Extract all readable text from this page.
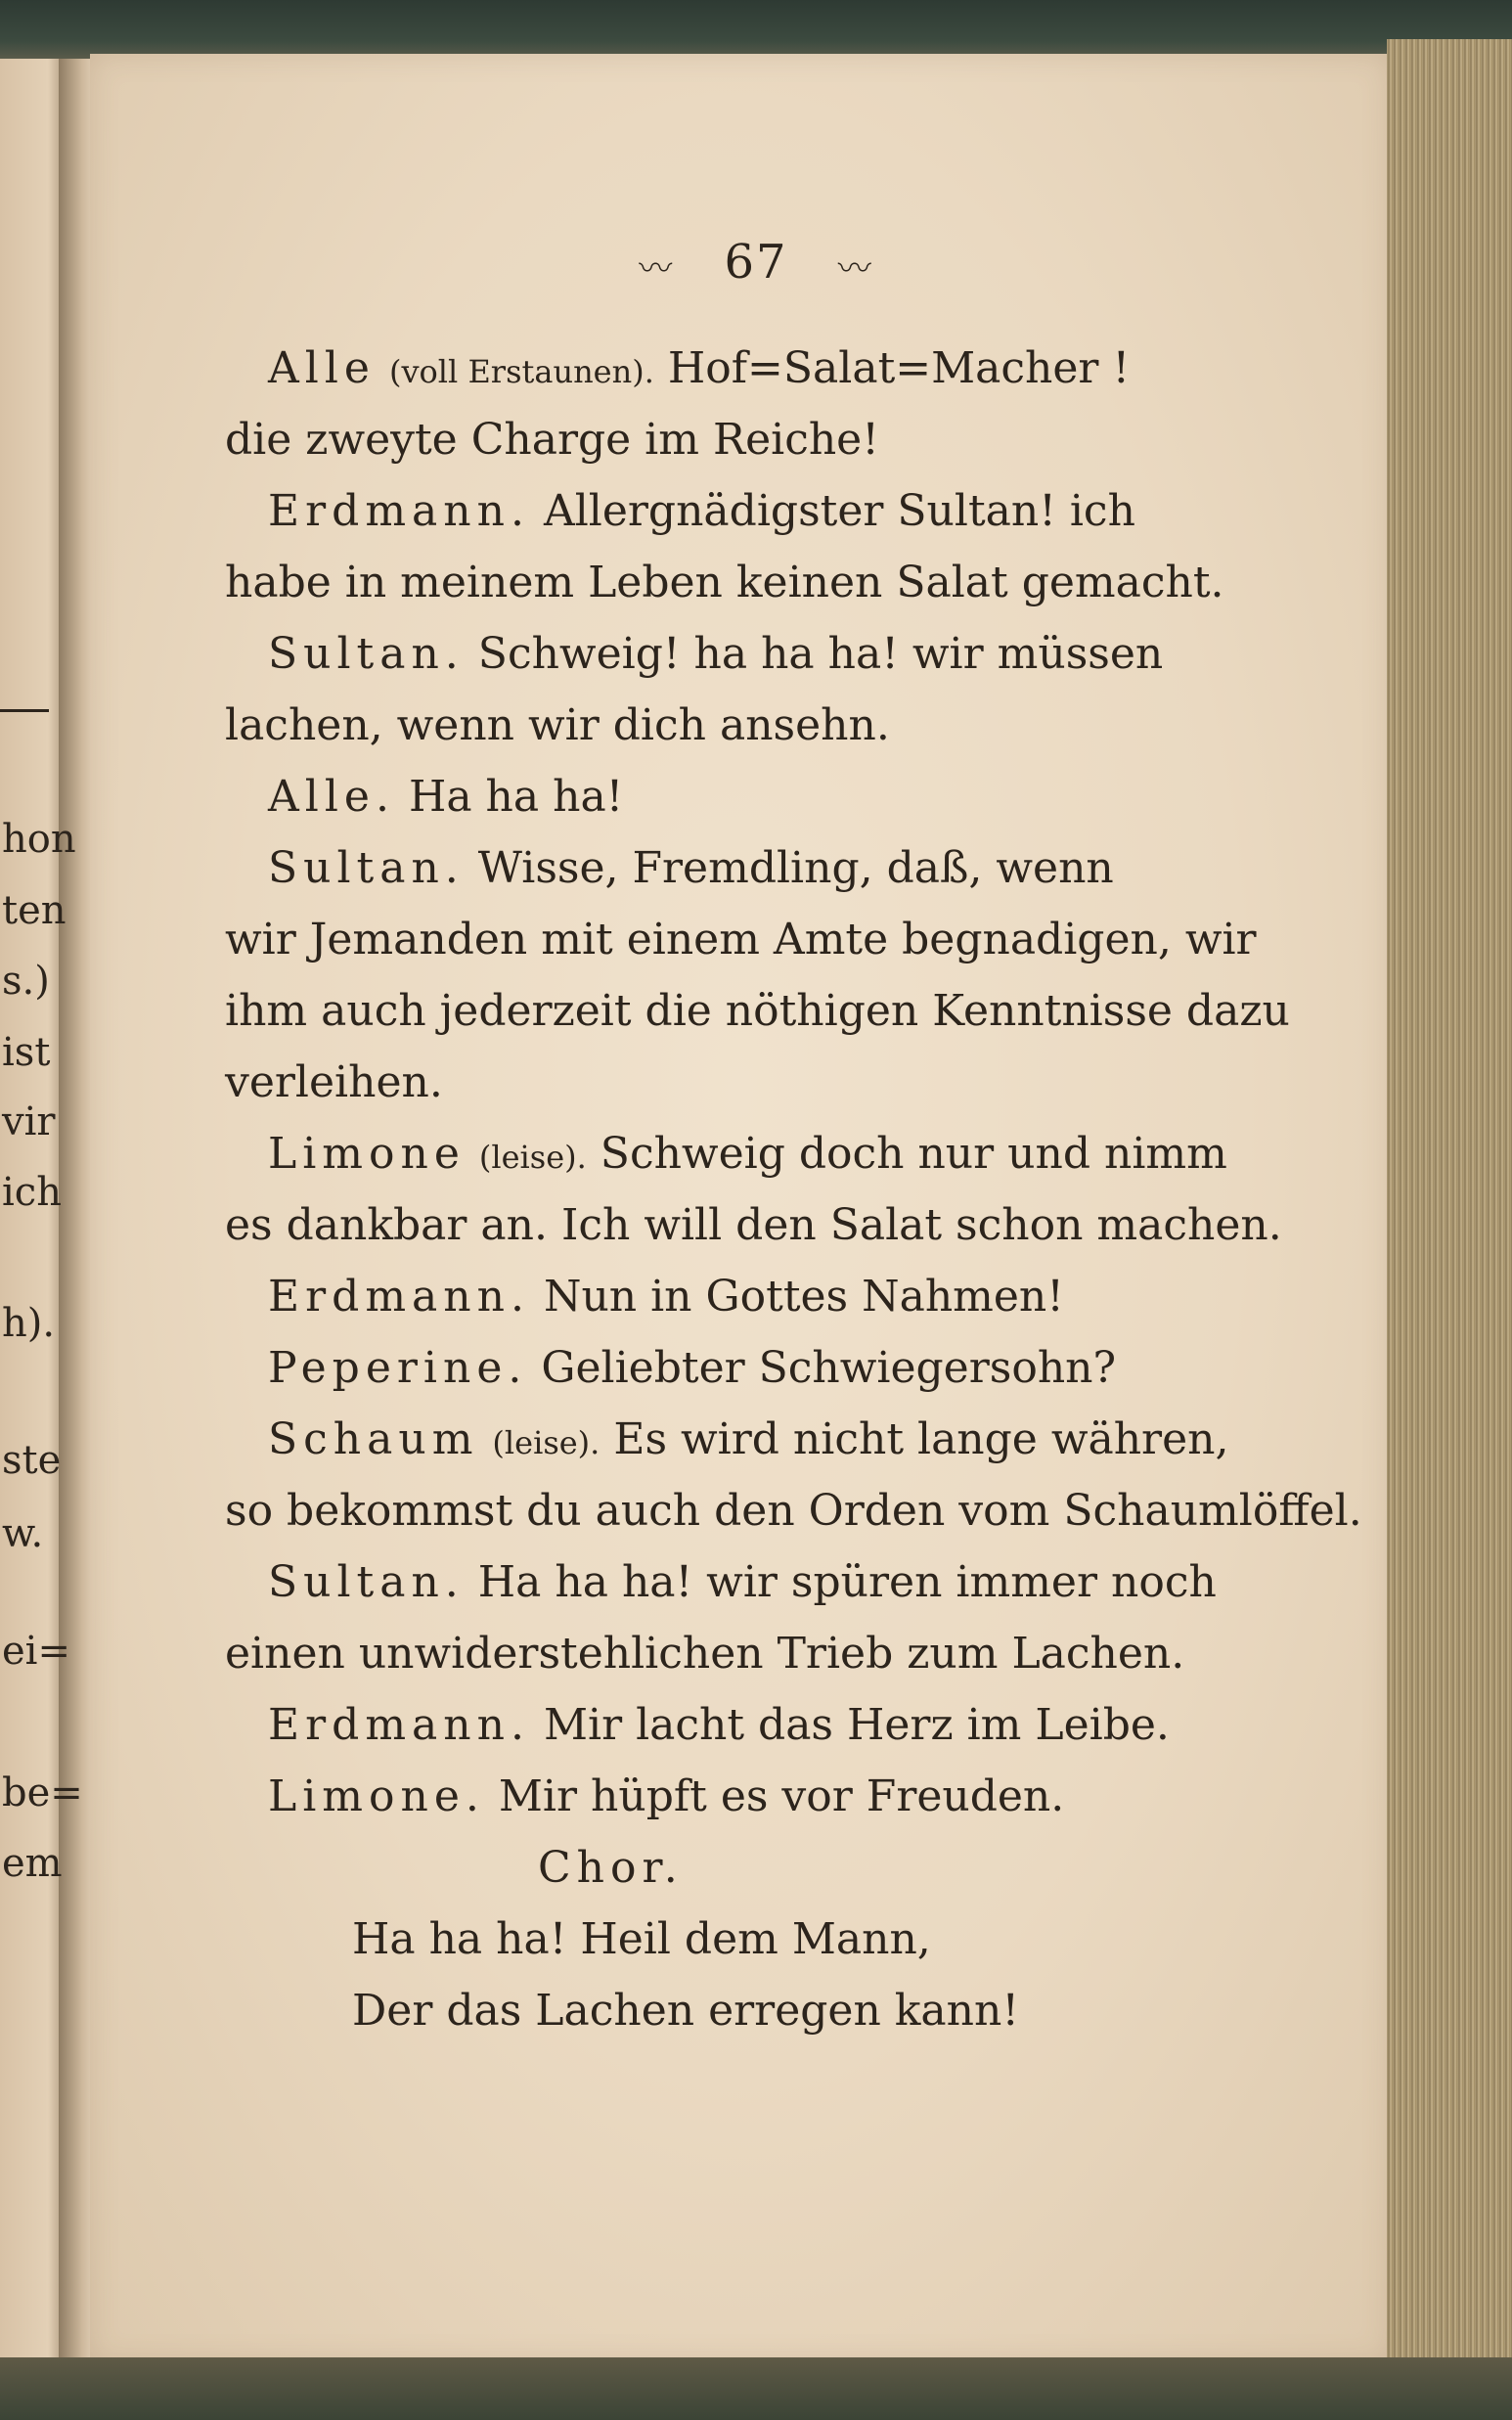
hon
ten
s.)
ist
vir
ich
h).
ste
w.
ei=
be=
em
〰 67 〰
Alle (voll Erstaunen). Hof=Salat=Macher !
die zweyte Charge im Reiche!
Erdmann. Allergnädigster Sultan! ich
habe in meinem Leben keinen Salat gemacht.
Sultan. Schweig! ha ha ha! wir müssen
lachen, wenn wir dich ansehn.
Alle. Ha ha ha!
Sultan. Wisse, Fremdling, daß, wenn
wir Jemanden mit einem Amte begnadigen, wir
ihm auch jederzeit die nöthigen Kenntnisse dazu
verleihen.
Limone (leise). Schweig doch nur und nimm
es dankbar an. Ich will den Salat schon machen.
Erdmann. Nun in Gottes Nahmen!
Peperine. Geliebter Schwiegersohn?
Schaum (leise). Es wird nicht lange währen,
so bekommst du auch den Orden vom Schaumlöffel.
Sultan. Ha ha ha! wir spüren immer noch
einen unwiderstehlichen Trieb zum Lachen.
Erdmann. Mir lacht das Herz im Leibe.
Limone. Mir hüpft es vor Freuden.
Chor.
Ha ha ha! Heil dem Mann,
Der das Lachen erregen kann!
